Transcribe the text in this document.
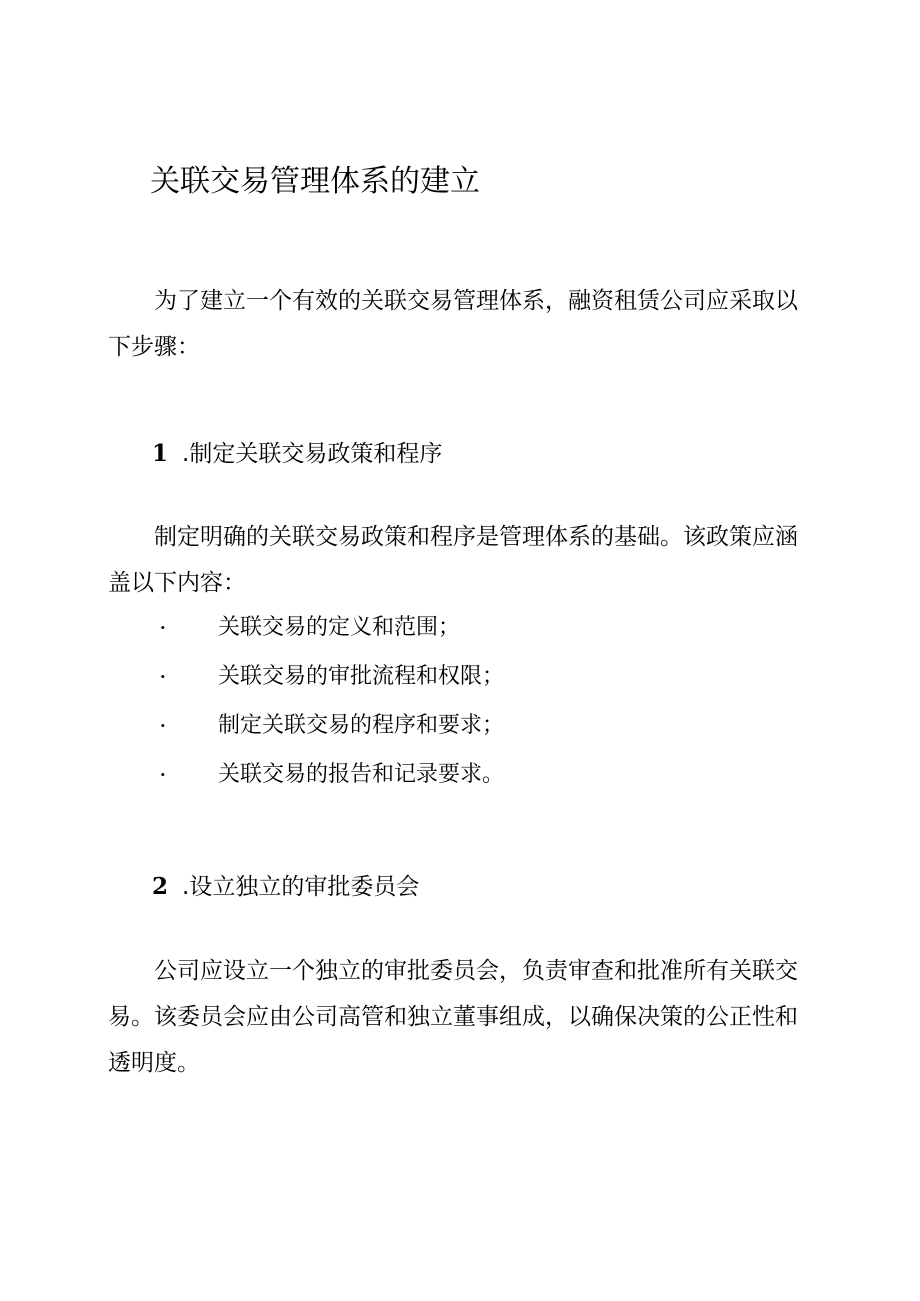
关联交易管理体系的建立

为了建立一个有效的关联交易管理体系，融资租赁公司应采取以下步骤：

1 .制定关联交易政策和程序

制定明确的关联交易政策和程序是管理体系的基础。该政策应涵盖以下内容：

· 关联交易的定义和范围；
· 关联交易的审批流程和权限；
· 制定关联交易的程序和要求；
· 关联交易的报告和记录要求。
2 .设立独立的审批委员会

公司应设立一个独立的审批委员会，负责审查和批准所有关联交易。该委员会应由公司高管和独立董事组成，以确保决策的公正性和透明度。
